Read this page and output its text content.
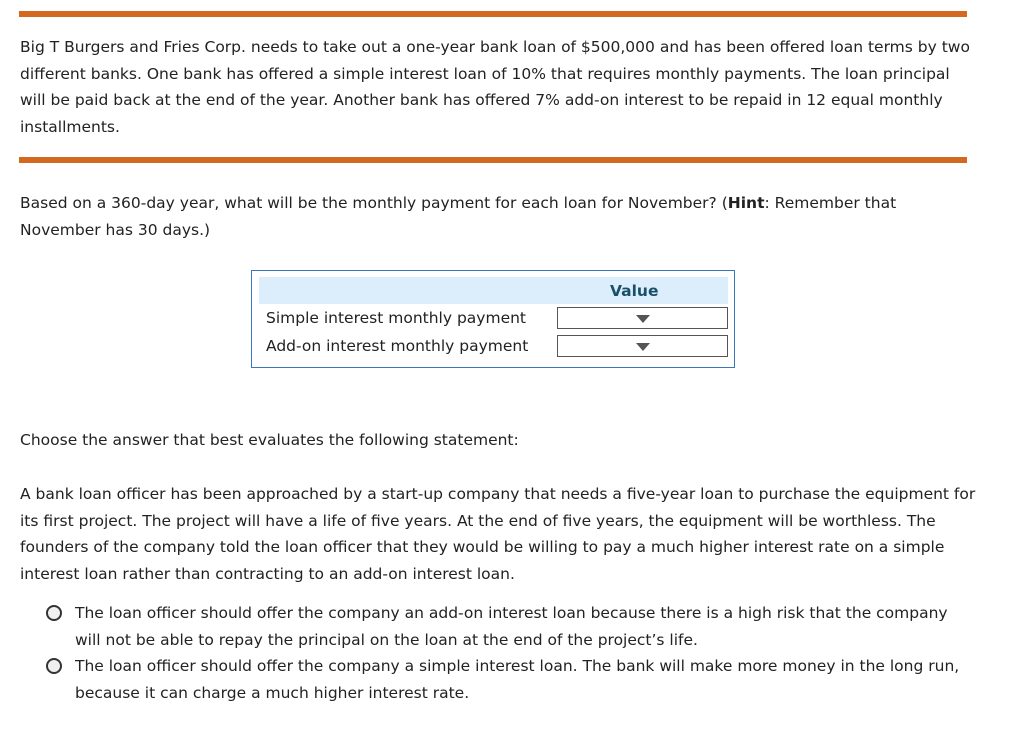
Big T Burgers and Fries Corp. needs to take out a one-year bank loan of $500,000 and has been offered loan terms by two different banks. One bank has offered a simple interest loan of 10% that requires monthly payments. The loan principal will be paid back at the end of the year. Another bank has offered 7% add-on interest to be repaid in 12 equal monthly installments.

Based on a 360-day year, what will be the monthly payment for each loan for November? (Hint: Remember that November has 30 days.)

Value
Simple interest monthly payment
Add-on interest monthly payment

Choose the answer that best evaluates the following statement:

A bank loan officer has been approached by a start-up company that needs a five-year loan to purchase the equipment for its first project. The project will have a life of five years. At the end of five years, the equipment will be worthless. The founders of the company told the loan officer that they would be willing to pay a much higher interest rate on a simple interest loan rather than contracting to an add-on interest loan.

The loan officer should offer the company an add-on interest loan because there is a high risk that the company will not be able to repay the principal on the loan at the end of the project’s life.
The loan officer should offer the company a simple interest loan. The bank will make more money in the long run, because it can charge a much higher interest rate.
